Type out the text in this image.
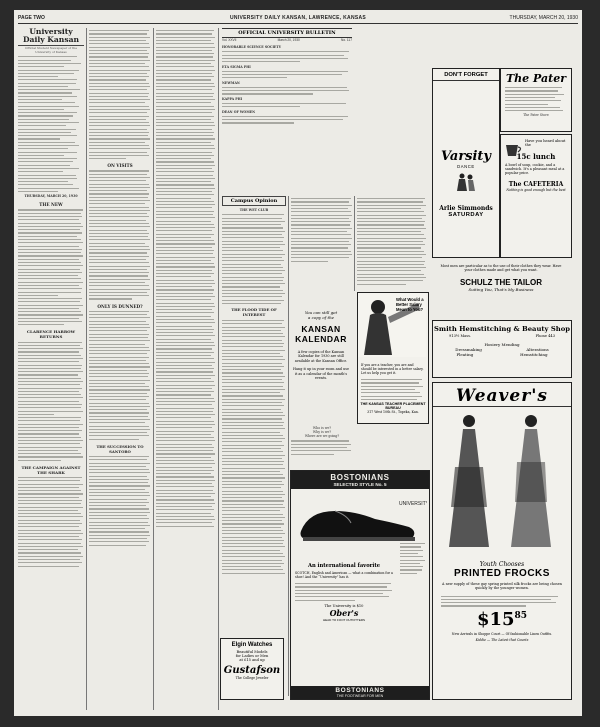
PAGE TWO	UNIVERSITY DAILY KANSAN, LAWRENCE, KANSAS	THURSDAY, MARCH 20, 1930
University Daily Kansan
Official Student Newspaper of the University of Kansas
THURSDAY, MARCH 20, 1930
THE NEW
CLARENCE HARROW RETURNS
THE CAMPAIGN AGAINST THE SHARK
ON VISITS
ONLY IS DUNNED?
THE SUCCESSION TO SANTORO
Elgin Watches
Beautiful Models
for Ladies or Men
at £15 and up
Gustafson
The College Jeweler
OFFICIAL UNIVERSITY BULLETIN
Vol. XXVII	March 20, 1930	No. 117
HONORABLE SCIENCE SOCIETY
ETA SIGMA PHI
NEWMAN
KAPPA PHI
DEAN OF WOMEN
Campus Opinion
THE WET CLUB
THE FLOOD TIDE OF INTEREST	You can still get
a copy of the
KANSAN
KALENDAR
A few copies of the Kansan Kalendar for 1930 are still available at the Kansan Office.
Hang it up in your room and use it as a calendar of the month's events.
Who is we?
Why is we?
Where are we going?
What Would a
Better Salary
Mean to You?
If you are a teacher, you are and should be interested in a better salary. Let us help you get it.
THE KANSAS TEACHER PLACEMENT BUREAU
317 West 10th St., Topeka, Kan.
BOSTONIANS
SELECTED STYLE No. 5
UNIVERSITY
An international favorite
SCOTCH, English and American — what a combination for a shoe! And the “University” has it.
The University is $10
Ober's
HEAD TO FOOT OUTFITTERS
BOSTONIANS
THE FOOTWEAR FOR MEN
DON'T FORGET
Varsity
DANCE
Arlie Simmonds
SATURDAY
The Pater
The Pater Store
Have you heard about the
15c lunch
A bowl of soup, cookie, and a sandwich. It's a pleasant meal at a popular price.
The CAFETERIA
Nothing is good enough but the best
Most men are particular as to the use of their clothes they wear. Have your clothes made and get what you want.
SCHULZ THE TAILOR
Suiting You, That's My Business
Smith Hemstitching & Beauty Shop
913½ Mass.	Phone 443
Hosiery Mending
Dressmaking	Alterations
Pleating	Hemstitching
Weaver's
Youth Chooses
PRINTED FROCKS
A new supply of these gay spring printed silk frocks are being chosen quickly by the younger women.
$\$15^{85}$
New Arrivals in Shoppe Court — Of fashionable Linen Outfits.
Kiddie — The Latest that Counts
